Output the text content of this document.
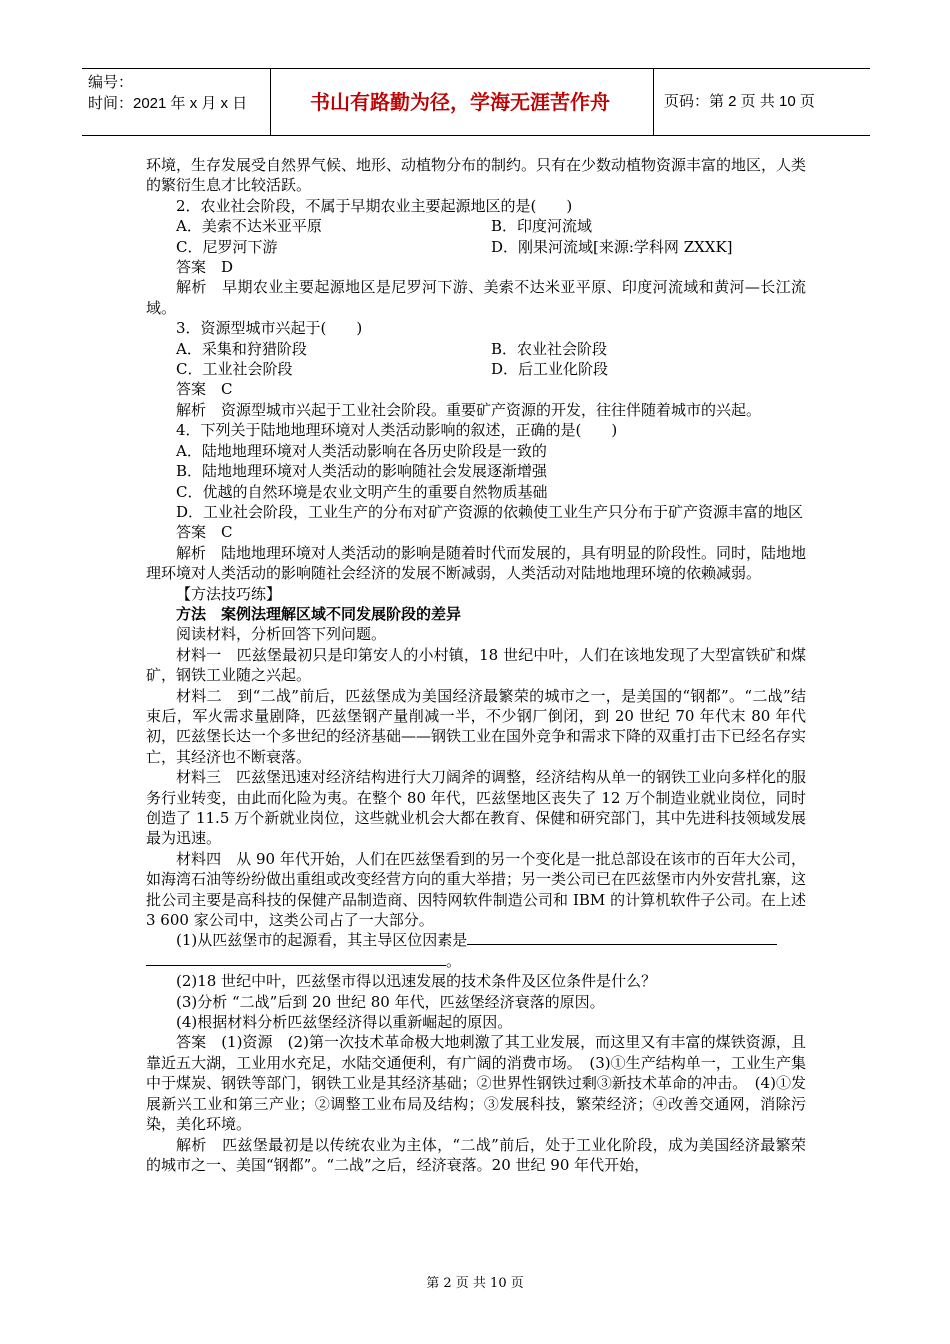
编号：
时间：2021 年 x 月 x 日	书山有路勤为径，学海无涯苦作舟	页码：第 2 页 共 10 页

环境，生存发展受自然界气候、地形、动植物分布的制约。只有在少数动植物资源丰富的地区，人类的繁衍生息才比较活跃。

2．农业社会阶段，不属于早期农业主要起源地区的是(　　)

A．美索不达米亚平原	B．印度河流域
C．尼罗河下游	D．刚果河流域[来源:学科网 ZXXK]

答案　D

解析　早期农业主要起源地区是尼罗河下游、美索不达米亚平原、印度河流域和黄河—长江流域。

3．资源型城市兴起于(　　)

A．采集和狩猎阶段	B．农业社会阶段
C．工业社会阶段	D．后工业化阶段

答案　C

解析　资源型城市兴起于工业社会阶段。重要矿产资源的开发，往往伴随着城市的兴起。

4．下列关于陆地地理环境对人类活动影响的叙述，正确的是(　　)

A．陆地地理环境对人类活动影响在各历史阶段是一致的

B．陆地地理环境对人类活动的影响随社会发展逐渐增强

C．优越的自然环境是农业文明产生的重要自然物质基础

D．工业社会阶段，工业生产的分布对矿产资源的依赖使工业生产只分布于矿产资源丰富的地区

答案　C

解析　陆地地理环境对人类活动的影响是随着时代而发展的，具有明显的阶段性。同时，陆地地理环境对人类活动的影响随社会经济的发展不断减弱，人类活动对陆地地理环境的依赖减弱。

【方法技巧练】

方法　案例法理解区域不同发展阶段的差异

阅读材料，分析回答下列问题。

材料一　匹兹堡最初只是印第安人的小村镇，18 世纪中叶，人们在该地发现了大型富铁矿和煤矿，钢铁工业随之兴起。

材料二　到“二战”前后，匹兹堡成为美国经济最繁荣的城市之一，是美国的“钢都”。“二战”结束后，军火需求量剧降，匹兹堡钢产量削减一半，不少钢厂倒闭，到 20 世纪 70 年代末 80 年代初，匹兹堡长达一个多世纪的经济基础——钢铁工业在国外竞争和需求下降的双重打击下已经名存实亡，其经济也不断衰落。

材料三　匹兹堡迅速对经济结构进行大刀阔斧的调整，经济结构从单一的钢铁工业向多样化的服务行业转变，由此而化险为夷。在整个 80 年代，匹兹堡地区丧失了 12 万个制造业就业岗位，同时创造了 11.5 万个新就业岗位，这些就业机会大都在教育、保健和研究部门，其中先进科技领域发展最为迅速。

材料四　从 90 年代开始，人们在匹兹堡看到的另一个变化是一批总部设在该市的百年大公司，如海湾石油等纷纷做出重组或改变经营方向的重大举措；另一类公司已在匹兹堡市内外安营扎寨，这批公司主要是高科技的保健产品制造商、因特网软件制造公司和 IBM 的计算机软件子公司。在上述 3 600 家公司中，这类公司占了一大部分。

(1)从匹兹堡市的起源看，其主导区位因素是

。

(2)18 世纪中叶，匹兹堡市得以迅速发展的技术条件及区位条件是什么？

(3)分析 “二战”后到 20 世纪 80 年代，匹兹堡经济衰落的原因。

(4)根据材料分析匹兹堡经济得以重新崛起的原因。

答案　(1)资源　(2)第一次技术革命极大地刺激了其工业发展，而这里又有丰富的煤铁资源，且靠近五大湖，工业用水充足，水陆交通便利，有广阔的消费市场。　(3)①生产结构单一，工业生产集中于煤炭、钢铁等部门，钢铁工业是其经济基础；②世界性钢铁过剩③新技术革命的冲击。　(4)①发展新兴工业和第三产业；②调整工业布局及结构；③发展科技，繁荣经济；④改善交通网，消除污染，美化环境。

解析　匹兹堡最初是以传统农业为主体，“二战”前后，处于工业化阶段，成为美国经济最繁荣的城市之一、美国“钢都”。“二战”之后，经济衰落。20 世纪 90 年代开始，

第 2 页 共 10 页
